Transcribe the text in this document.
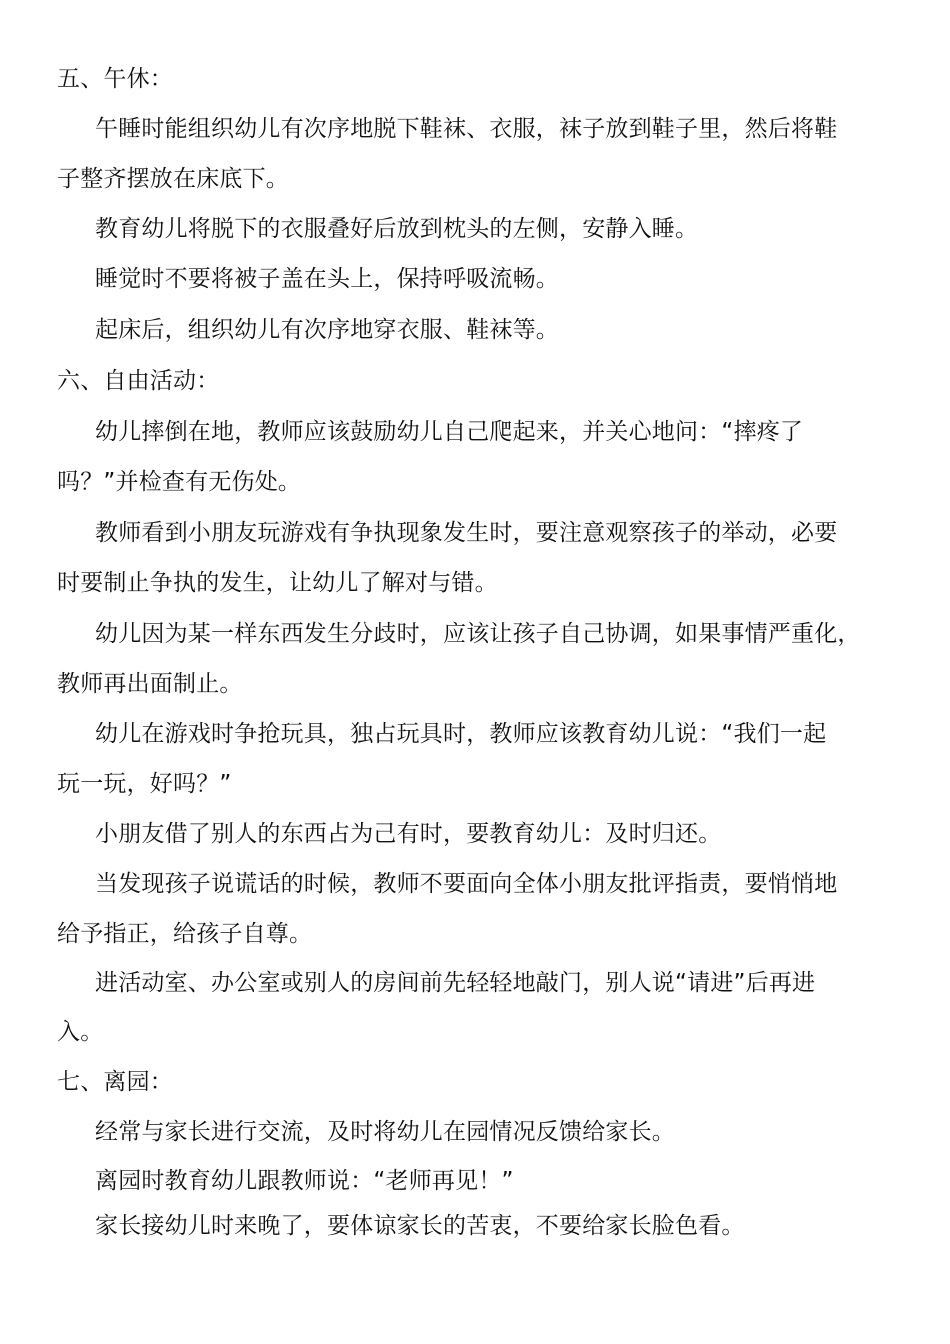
五、午休：
午睡时能组织幼儿有次序地脱下鞋袜、衣服，袜子放到鞋子里，然后将鞋
子整齐摆放在床底下。
教育幼儿将脱下的衣服叠好后放到枕头的左侧，安静入睡。
睡觉时不要将被子盖在头上，保持呼吸流畅。
起床后，组织幼儿有次序地穿衣服、鞋袜等。
六、自由活动：
幼儿摔倒在地，教师应该鼓励幼儿自己爬起来，并关心地问：“摔疼了
吗？”并检查有无伤处。
教师看到小朋友玩游戏有争执现象发生时，要注意观察孩子的举动，必要
时要制止争执的发生，让幼儿了解对与错。
幼儿因为某一样东西发生分歧时，应该让孩子自己协调，如果事情严重化，
教师再出面制止。
幼儿在游戏时争抢玩具，独占玩具时，教师应该教育幼儿说：“我们一起
玩一玩，好吗？”
小朋友借了别人的东西占为己有时，要教育幼儿：及时归还。
当发现孩子说谎话的时候，教师不要面向全体小朋友批评指责，要悄悄地
给予指正，给孩子自尊。
进活动室、办公室或别人的房间前先轻轻地敲门，别人说“请进”后再进
入。
七、离园：
经常与家长进行交流，及时将幼儿在园情况反馈给家长。
离园时教育幼儿跟教师说：“老师再见！”
家长接幼儿时来晚了，要体谅家长的苦衷，不要给家长脸色看。
